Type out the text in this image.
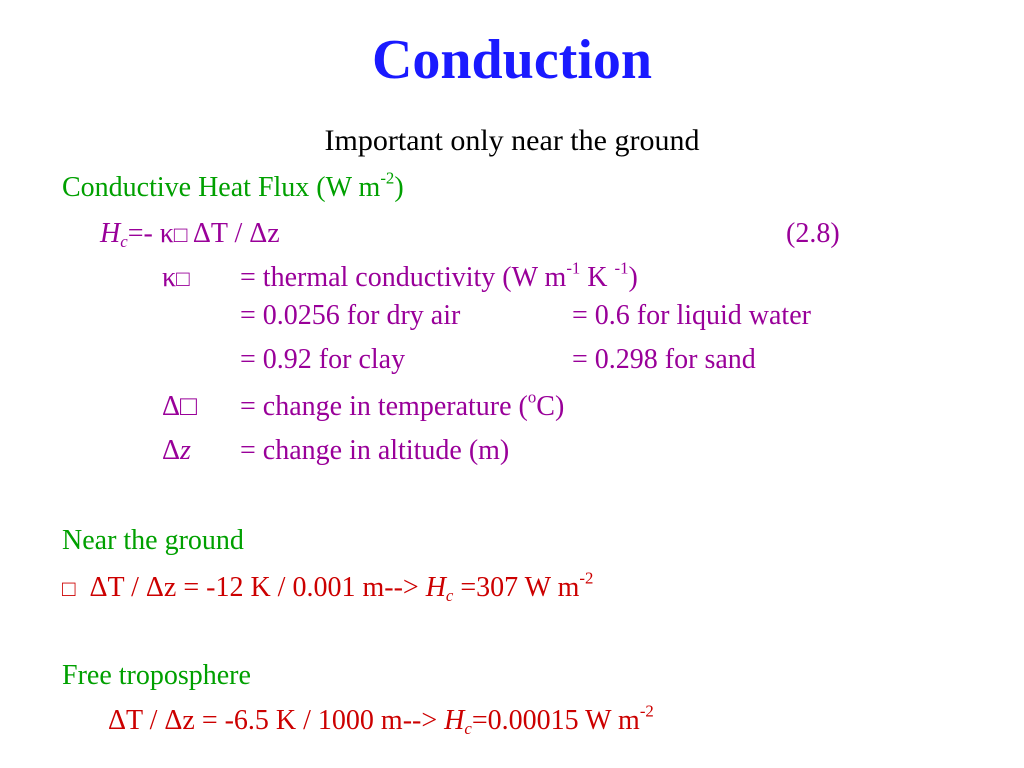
Conduction
Important only near the ground
Conductive Heat Flux (W $m^{-2}$)
$H_c=-$ κ□ ΔT / Δz	(2.8)
κ□ = thermal conductivity (W $m^{-1}$ K $^{-1}$)
= 0.0256 for dry air	= 0.6 for liquid water
= 0.92 for clay	= 0.298 for sand
Δ□ = change in temperature ($^o$C)
Δz = change in altitude (m)
Near the ground
□ ΔT / Δz = -12 K / 0.001 $m--> H_c =307$ W $m^{-2}$
Free troposphere
ΔT / Δz = -6.5 K / 1000 $m--> H_c=0.00015$ W $m^{-2}$
